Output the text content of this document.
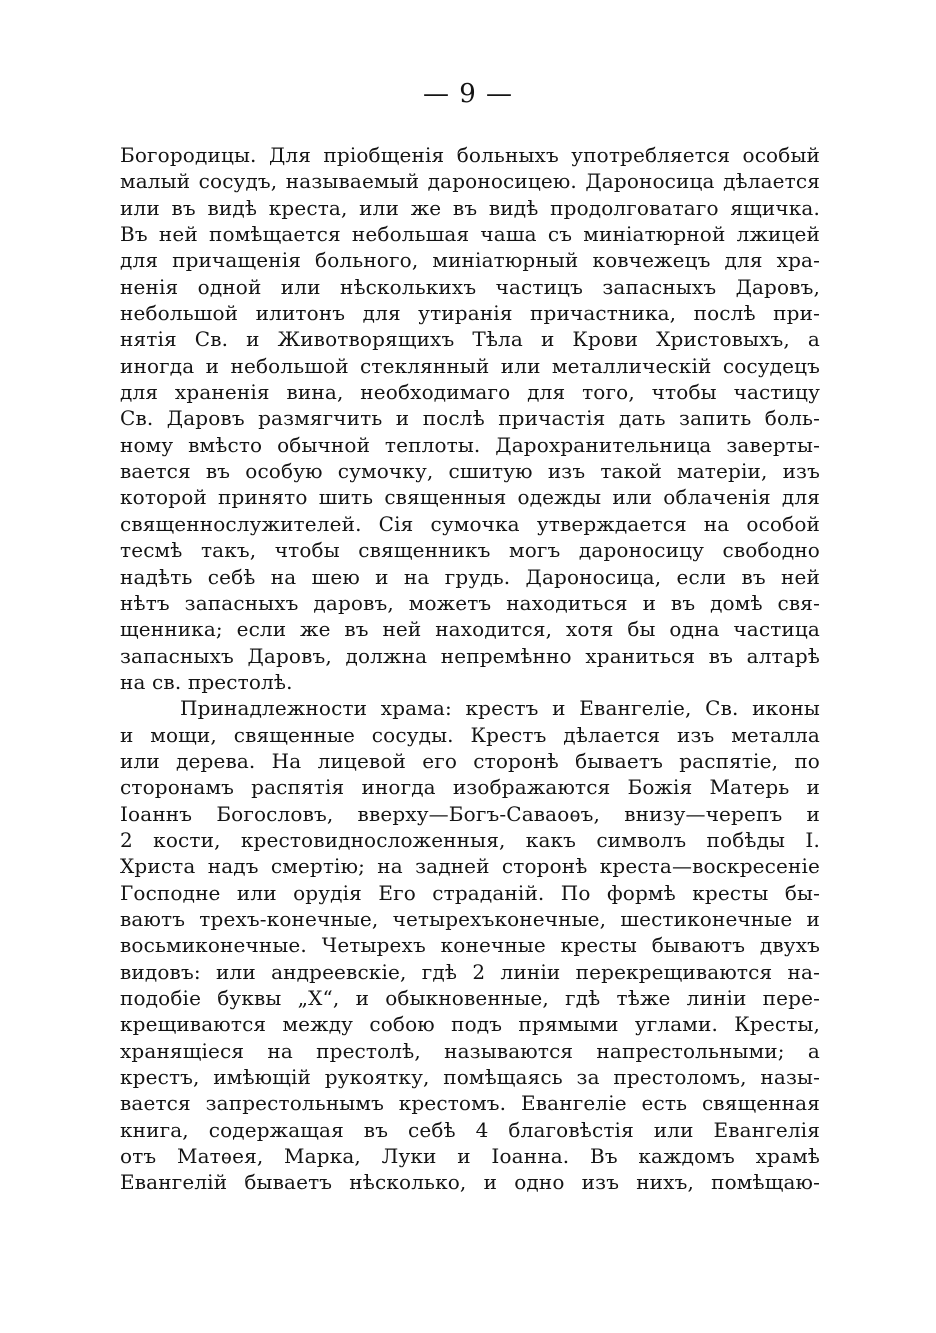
— 9 —
Богородицы. Для пріобщенія больныхъ употребляется особый
малый сосудъ, называемый дароносицею. Дароносица дѣлается
или въ видѣ креста, или же въ видѣ продолговатаго ящичка.
Въ ней помѣщается небольшая чаша съ миніатюрной лжицей
для причащенія больного, миніатюрный ковчежецъ для хра-
ненія одной или нѣсколькихъ частицъ запасныхъ Даровъ,
небольшой илитонъ для утиранія причастника, послѣ при-
нятія Св. и Животворящихъ Тѣла и Крови Христовыхъ, а
иногда и небольшой стеклянный или металлическій сосудецъ
для храненія вина, необходимаго для того, чтобы частицу
Св. Даровъ размягчить и послѣ причастія дать запить боль-
ному вмѣсто обычной теплоты. Дарохранительница заверты-
вается въ особую сумочку, сшитую изъ такой матеріи, изъ
которой принято шить священныя одежды или облаченія для
священнослужителей. Сія сумочка утверждается на особой
тесмѣ такъ, чтобы священникъ могъ дароносицу свободно
надѣть себѣ на шею и на грудь. Дароносица, если въ ней
нѣтъ запасныхъ даровъ, можетъ находиться и въ домѣ свя-
щенника; если же въ ней находится, хотя бы одна частица
запасныхъ Даровъ, должна непремѣнно храниться въ алтарѣ
на св. престолѣ.
Принадлежности храма: крестъ и Евангеліе, Св. иконы
и мощи, священные сосуды. Крестъ дѣлается изъ металла
или дерева. На лицевой его сторонѣ бываетъ распятіе, по
сторонамъ распятія иногда изображаются Божія Матерь и
Іоаннъ Богословъ, вверху—Богъ-Саваоѳъ, внизу—черепъ и
2 кости, крестовидносложенныя, какъ символъ побѣды І.
Христа надъ смертію; на задней сторонѣ креста—воскресеніе
Господне или орудія Его страданій. По формѣ кресты бы-
ваютъ трехъ-конечные, четырехъконечные, шестиконечные и
восьмиконечные. Четырехъ конечные кресты бываютъ двухъ
видовъ: или андреевскіе, гдѣ 2 линіи перекрещиваются на-
подобіе буквы „Х“, и обыкновенные, гдѣ тѣже линіи пере-
крещиваются между собою подъ прямыми углами. Кресты,
хранящіеся на престолѣ, называются напрестольными; а
крестъ, имѣющій рукоятку, помѣщаясь за престоломъ, назы-
вается запрестольнымъ крестомъ. Евангеліе есть священная
книга, содержащая въ себѣ 4 благовѣстія или Евангелія
отъ Матѳея, Марка, Луки и Іоанна. Въ каждомъ храмѣ
Евангелій бываетъ нѣсколько, и одно изъ нихъ, помѣщаю-
